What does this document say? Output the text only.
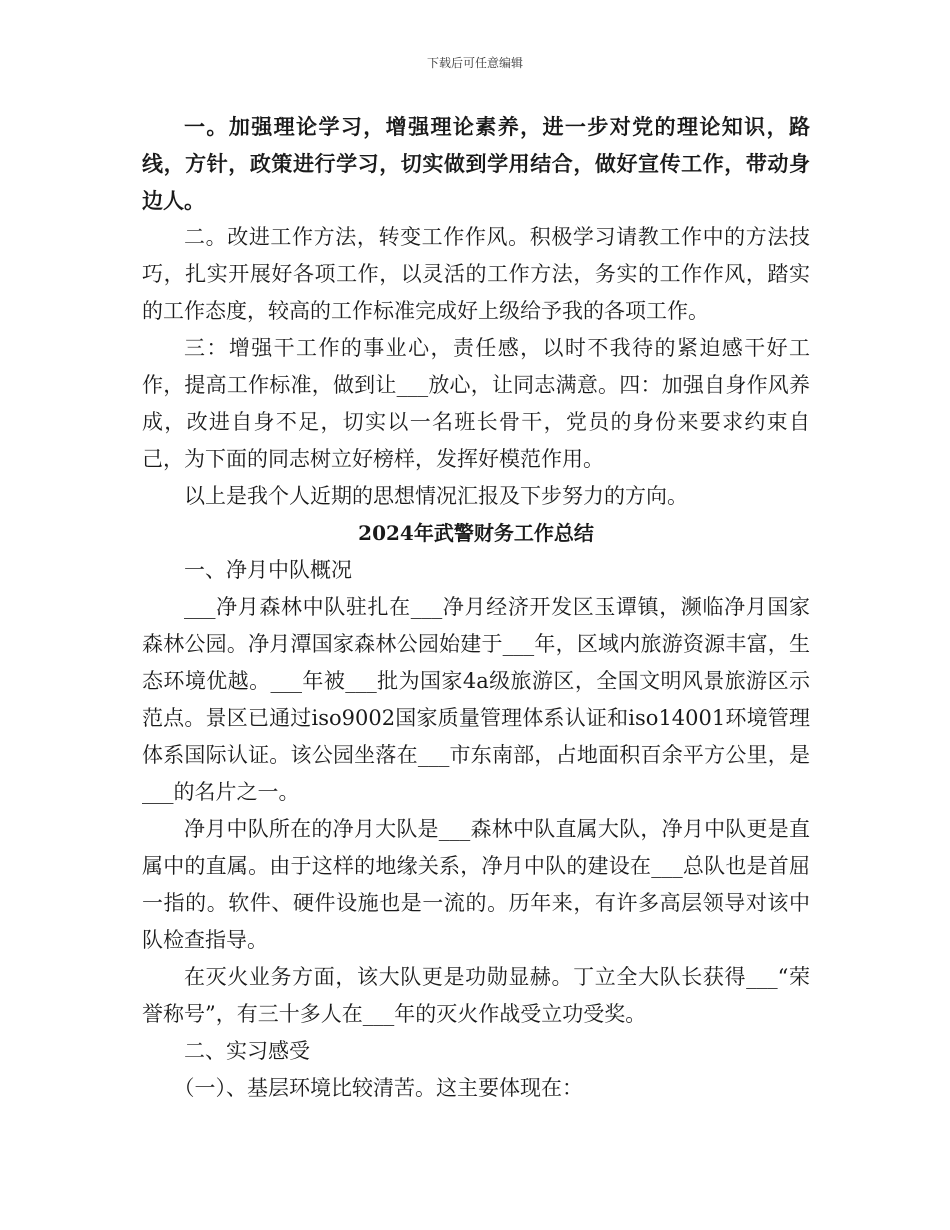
下载后可任意编辑

一。加强理论学习，增强理论素养，进一步对党的理论知识，路线，方针，政策进行学习，切实做到学用结合，做好宣传工作，带动身边人。

二。改进工作方法，转变工作作风。积极学习请教工作中的方法技巧，扎实开展好各项工作，以灵活的工作方法，务实的工作作风，踏实的工作态度，较高的工作标准完成好上级给予我的各项工作。

三：增强干工作的事业心，责任感，以时不我待的紧迫感干好工作，提高工作标准，做到让___放心，让同志满意。四：加强自身作风养成，改进自身不足，切实以一名班长骨干，党员的身份来要求约束自己，为下面的同志树立好榜样，发挥好模范作用。

以上是我个人近期的思想情况汇报及下步努力的方向。

2024年武警财务工作总结

一、净月中队概况

___净月森林中队驻扎在___净月经济开发区玉谭镇，濒临净月国家森林公园。净月潭国家森林公园始建于___年，区域内旅游资源丰富，生态环境优越。___年被___批为国家4a级旅游区，全国文明风景旅游区示范点。景区已通过iso9002国家质量管理体系认证和iso14001环境管理体系国际认证。该公园坐落在___市东南部，占地面积百余平方公里，是___的名片之一。

净月中队所在的净月大队是___森林中队直属大队，净月中队更是直属中的直属。由于这样的地缘关系，净月中队的建设在___总队也是首屈一指的。软件、硬件设施也是一流的。历年来，有许多高层领导对该中队检查指导。

在灭火业务方面，该大队更是功勋显赫。丁立全大队长获得___“荣誉称号”，有三十多人在___年的灭火作战受立功受奖。

二、实习感受

（一）、基层环境比较清苦。这主要体现在：
